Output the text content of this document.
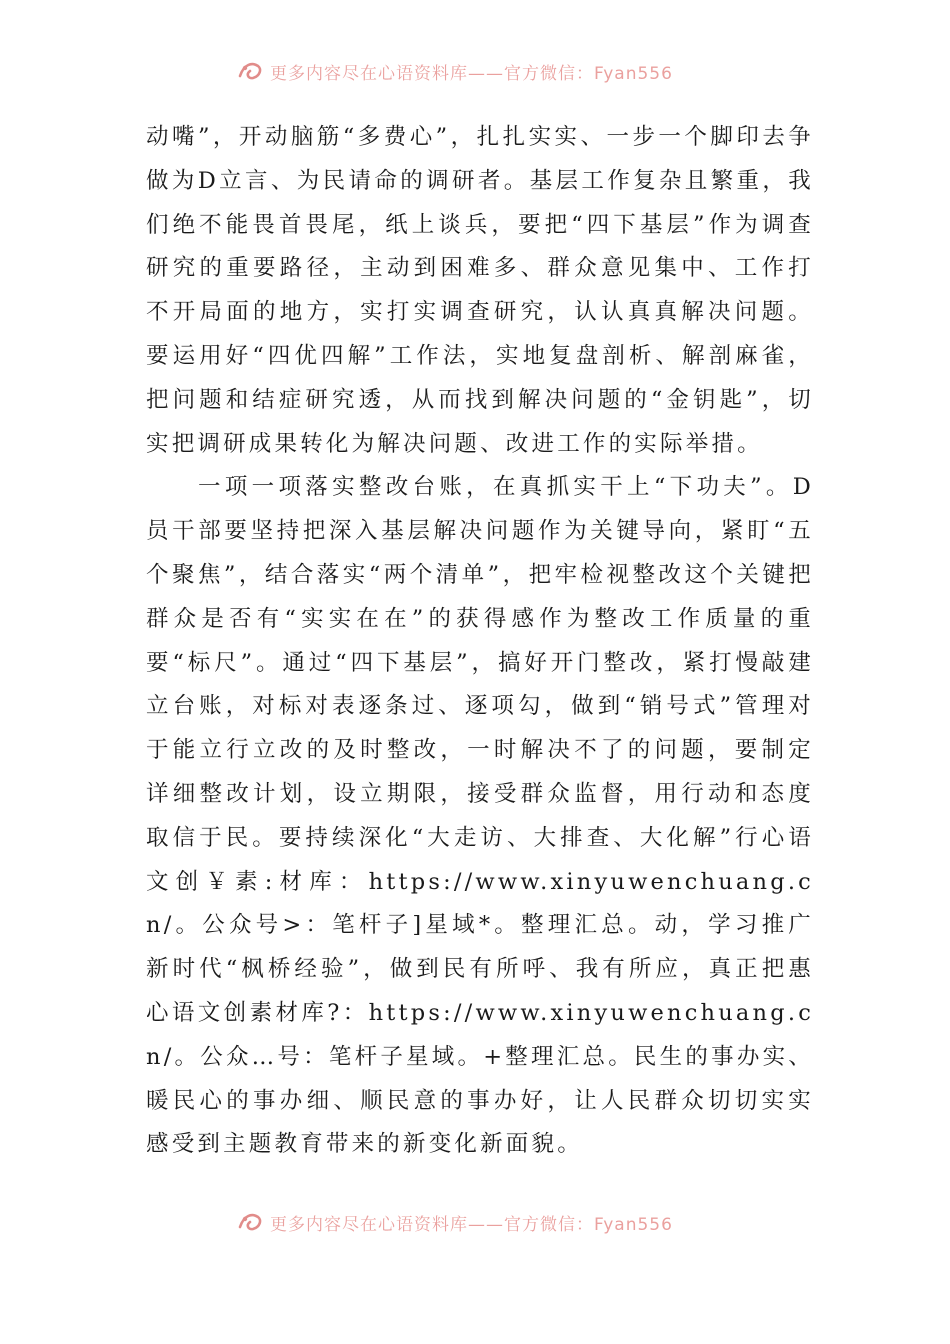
更多内容尽在心语资料库——官方微信：Fyan556

动嘴”，开动脑筋“多费心”，扎扎实实、一步一个脚印去争做为D立言、为民请命的调研者。基层工作复杂且繁重，我们绝不能畏首畏尾，纸上谈兵，要把“四下基层”作为调查研究的重要路径，主动到困难多、群众意见集中、工作打不开局面的地方，实打实调查研究，认认真真解决问题。要运用好“四优四解”工作法，实地复盘剖析、解剖麻雀，把问题和结症研究透，从而找到解决问题的“金钥匙”，切实把调研成果转化为解决问题、改进工作的实际举措。

一项一项落实整改台账，在真抓实干上“下功夫”。D员干部要坚持把深入基层解决问题作为关键导向，紧盯“五个聚焦”，结合落实“两个清单”，把牢检视整改这个关键把群众是否有“实实在在”的获得感作为整改工作质量的重要“标尺”。通过“四下基层”，搞好开门整改，紧打慢敲建立台账，对标对表逐条过、逐项勾，做到“销号式”管理对于能立行立改的及时整改，一时解决不了的问题，要制定详细整改计划，设立期限，接受群众监督，用行动和态度取信于民。要持续深化“大走访、大排查、大化解”行心语文创￥素:材库：https://www.xinyuwenchuang.cn/。公众号>：笔杆子]星域*。整理汇总。动，学习推广新时代“枫桥经验”，做到民有所呼、我有所应，真正把惠心语文创素材库?：https://www.xinyuwenchuang.cn/。公众…号：笔杆子星域。+整理汇总。民生的事办实、暖民心的事办细、顺民意的事办好，让人民群众切切实实感受到主题教育带来的新变化新面貌。

更多内容尽在心语资料库——官方微信：Fyan556
